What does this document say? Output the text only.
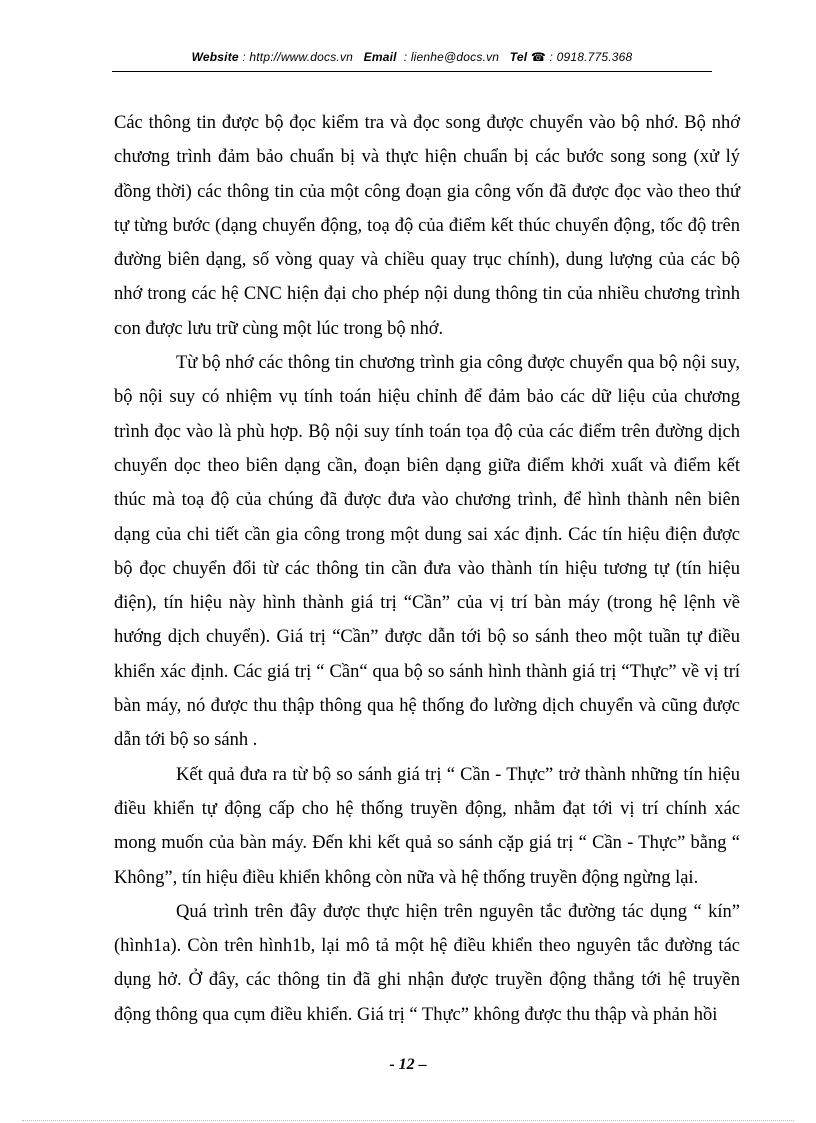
Website : http://www.docs.vn Email : lienhe@docs.vn Tel ☎ : 0918.775.368

Các thông tin được bộ đọc kiểm tra và đọc song được chuyển vào bộ nhớ. Bộ nhớ chương trình đảm bảo chuẩn bị và thực hiện chuẩn bị các bước song song (xử lý đồng thời) các thông tin của một công đoạn gia công vốn đã được đọc vào theo thứ tự từng bước (dạng chuyển động, toạ độ của điểm kết thúc chuyển động, tốc độ trên đường biên dạng, số vòng quay và chiều quay trục chính), dung lượng của các bộ nhớ trong các hệ CNC hiện đại cho phép nội dung thông tin của nhiều chương trình con được lưu trữ cùng một lúc trong bộ nhớ.

Từ bộ nhớ các thông tin chương trình gia công được chuyển qua bộ nội suy, bộ nội suy có nhiệm vụ tính toán hiệu chỉnh để đảm bảo các dữ liệu của chương trình đọc vào là phù hợp. Bộ nội suy tính toán tọa độ của các điểm trên đường dịch chuyển dọc theo biên dạng cần, đoạn biên dạng giữa điểm khởi xuất và điểm kết thúc mà toạ độ của chúng đã được đưa vào chương trình, để hình thành nên biên dạng của chi tiết cần gia công trong một dung sai xác định. Các tín hiệu điện được bộ đọc chuyển đổi từ các thông tin cần đưa vào thành tín hiệu tương tự (tín hiệu điện), tín hiệu này hình thành giá trị “Cần” của vị trí bàn máy (trong hệ lệnh về hướng dịch chuyển). Giá trị “Cần” được dẫn tới bộ so sánh theo một tuần tự điều khiển xác định. Các giá trị “ Cần“ qua bộ so sánh hình thành giá trị “Thực” về vị trí bàn máy, nó được thu thập thông qua hệ thống đo lường dịch chuyển và cũng được dẫn tới bộ so sánh .

Kết quả đưa ra từ bộ so sánh giá trị “ Cần - Thực” trở thành những tín hiệu điều khiển tự động cấp cho hệ thống truyền động, nhằm đạt tới vị trí chính xác mong muốn của bàn máy. Đến khi kết quả so sánh cặp giá trị “ Cần - Thực” bằng “ Không”, tín hiệu điều khiển không còn nữa và hệ thống truyền động ngừng lại.

Quá trình trên đây được thực hiện trên nguyên tắc đường tác dụng “ kín” (hình1a). Còn trên hình1b, lại mô tả một hệ điều khiển theo nguyên tắc đường tác dụng hở. Ở đây, các thông tin đã ghi nhận được truyền động thẳng tới hệ truyền động thông qua cụm điều khiển. Giá trị “ Thực” không được thu thập và phản hồi

- 12 –
